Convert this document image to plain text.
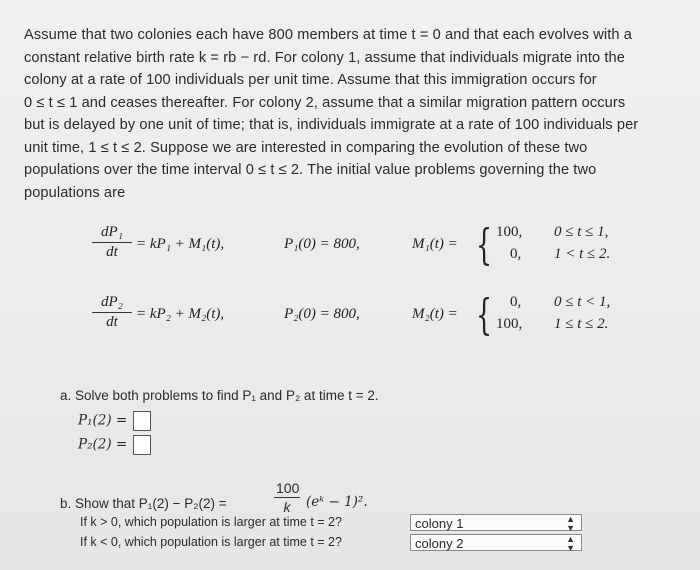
Assume that two colonies each have 800 members at time t = 0 and that each evolves with a

constant relative birth rate k = rb − rd. For colony 1, assume that individuals migrate into the

colony at a rate of 100 individuals per unit time. Assume that this immigration occurs for

0 ≤ t ≤ 1 and ceases thereafter. For colony 2, assume that a similar migration pattern occurs

but is delayed by one unit of time; that is, individuals immigrate at a rate of 100 individuals per

unit time, 1 ≤ t ≤ 2. Suppose we are interested in comparing the evolution of these two

populations over the time interval 0 ≤ t ≤ 2. The initial value problems governing the two

populations are

$\frac{\text{dP₁}}{dt} = kP_1 + M_1(t)$,	P₁(0) = 800,	M₁(t) = { 100, 0 ≤ t ≤ 1,
0, 1 < t ≤ 2.
$\frac{\text{dP₂}}{dt} = kP_2 + M_2(t)$,	P₂(0) = 800,	M₂(t) = { 0, 0 ≤ t < 1,
100, 1 ≤ t ≤ 2.
a. Solve both problems to find P₁ and P₂ at time t = 2.
P₁(2) =
P₂(2) =
b. Show that P₁(2) − P₂(2) =	$\frac{100}{k}$ (eᵏ − 1)².
If k > 0, which population is larger at time t = 2?	colony 1	▲
▼
If k < 0, which population is larger at time t = 2?	colony 2	▲
▼
